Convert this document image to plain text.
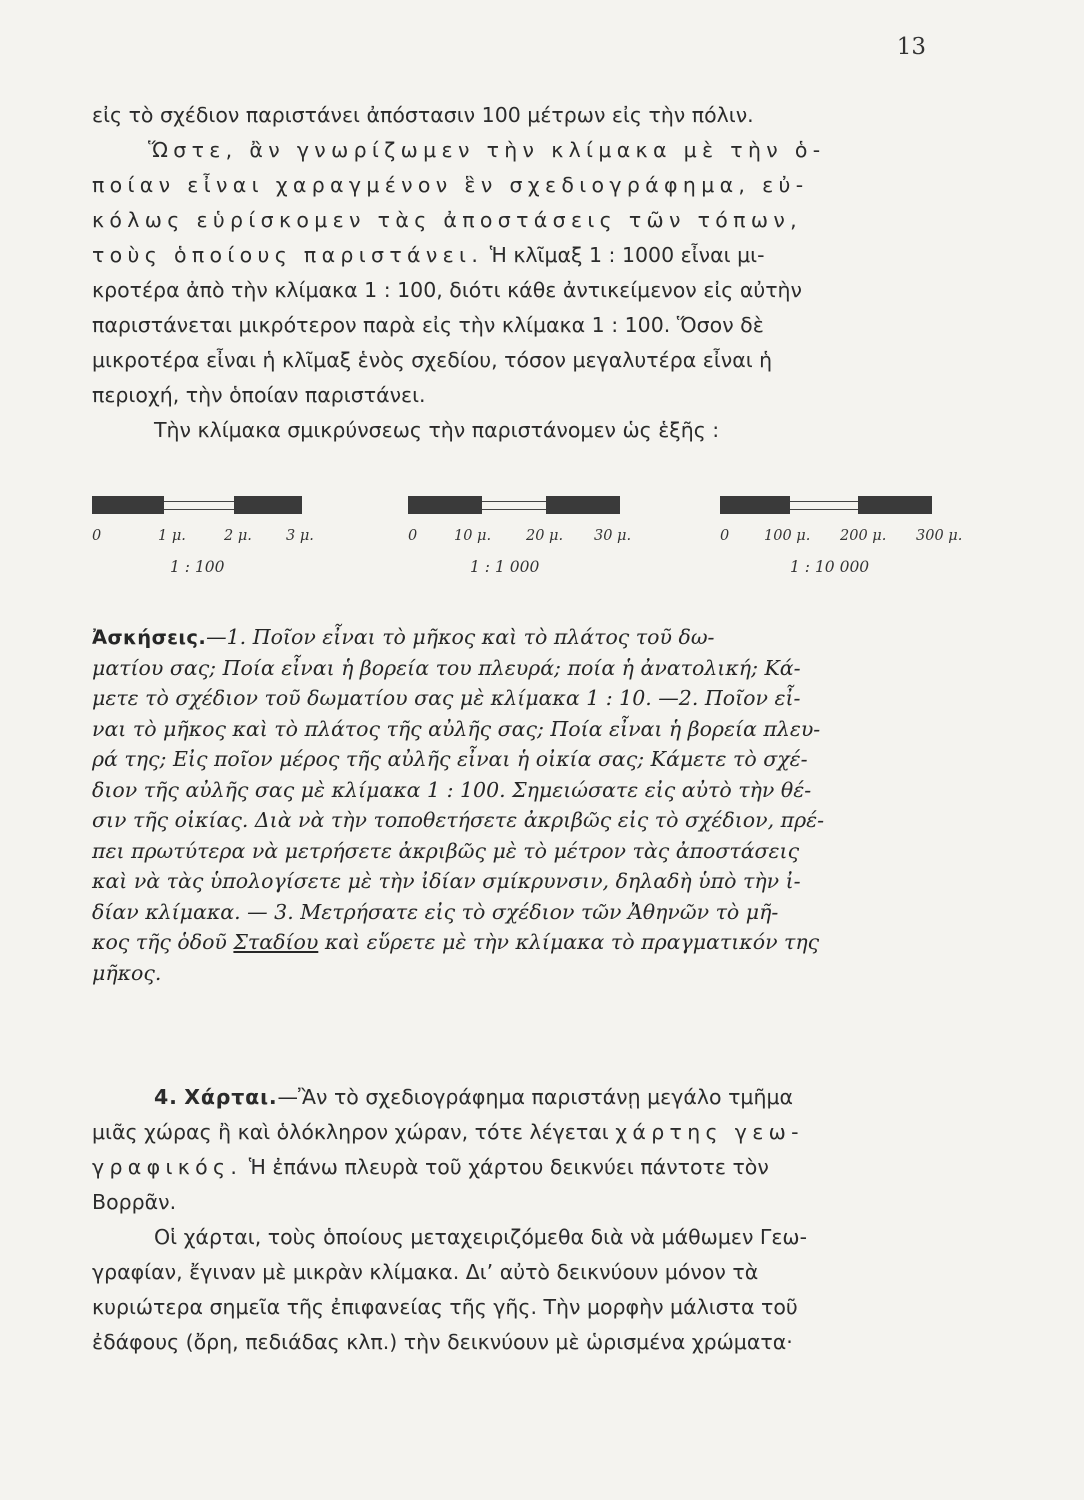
13
εἰς τὸ σχέδιον παριστάνει ἀπόστασιν 100 μέτρων εἰς τὴν πόλιν.
Ὥστε, ἂν γνωρίζωμεν τὴν κλίμακα μὲ τὴν ὁ-
ποίαν εἶναι χαραγμένον ἓν σχεδιογράφημα, εὐ-
κόλως εὑρίσκομεν τὰς ἀποστάσεις τῶν τόπων,
τοὺς ὁποίους παριστάνει. Ἡ κλῖμαξ 1 : 1000 εἶναι μι-
κροτέρα ἀπὸ τὴν κλίμακα 1 : 100, διότι κάθε ἀντικείμενον εἰς αὐτὴν
παριστάνεται μικρότερον παρὰ εἰς τὴν κλίμακα 1 : 100. Ὅσον δὲ
μικροτέρα εἶναι ἡ κλῖμαξ ἑνὸς σχεδίου, τόσον μεγαλυτέρα εἶναι ἡ
περιοχή, τὴν ὁποίαν παριστάνει.
Τὴν κλίμακα σμικρύνσεως τὴν παριστάνομεν ὡς ἑξῆς :
0	1 μ.	2 μ. 3 μ.
1 : 100
0	10 μ. 20 μ. 30 μ.
1 : 1 000
0 100 μ. 200 μ. 300 μ.
1 : 10 000
Ἀσκήσεις.—1. Ποῖον εἶναι τὸ μῆκος καὶ τὸ πλάτος τοῦ δω-
ματίου σας; Ποία εἶναι ἡ βορεία του πλευρά; ποία ἡ ἀνατολική; Κά-
μετε τὸ σχέδιον τοῦ δωματίου σας μὲ κλίμακα 1 : 10. —2. Ποῖον εἶ-
ναι τὸ μῆκος καὶ τὸ πλάτος τῆς αὐλῆς σας; Ποία εἶναι ἡ βορεία πλευ-
ρά της; Εἰς ποῖον μέρος τῆς αὐλῆς εἶναι ἡ οἰκία σας; Κάμετε τὸ σχέ-
διον τῆς αὐλῆς σας μὲ κλίμακα 1 : 100. Σημειώσατε εἰς αὐτὸ τὴν θέ-
σιν τῆς οἰκίας. Διὰ νὰ τὴν τοποθετήσετε ἀκριβῶς εἰς τὸ σχέδιον, πρέ-
πει πρωτύτερα νὰ μετρήσετε ἀκριβῶς μὲ τὸ μέτρον τὰς ἀποστάσεις
καὶ νὰ τὰς ὑπολογίσετε μὲ τὴν ἰδίαν σμίκρυνσιν, δηλαδὴ ὑπὸ τὴν ἰ-
δίαν κλίμακα. — 3. Μετρήσατε εἰς τὸ σχέδιον τῶν Ἀθηνῶν τὸ μῆ-
κος τῆς ὁδοῦ Σταδίου καὶ εὕρετε μὲ τὴν κλίμακα τὸ πραγματικόν της
μῆκος.
4. Χάρται.—Ἂν τὸ σχεδιογράφημα παριστάνῃ μεγάλο τμῆμα
μιᾶς χώρας ἢ καὶ ὁλόκληρον χώραν, τότε λέγεται χάρτης γεω-
γραφικός. Ἡ ἐπάνω πλευρὰ τοῦ χάρτου δεικνύει πάντοτε τὸν
Βορρᾶν.
Οἱ χάρται, τοὺς ὁποίους μεταχειριζόμεθα διὰ νὰ μάθωμεν Γεω-
γραφίαν, ἔγιναν μὲ μικρὰν κλίμακα. Δι’ αὐτὸ δεικνύουν μόνον τὰ
κυριώτερα σημεῖα τῆς ἐπιφανείας τῆς γῆς. Τὴν μορφὴν μάλιστα τοῦ
ἐδάφους (ὄρη, πεδιάδας κλπ.) τὴν δεικνύουν μὲ ὡρισμένα χρώματα·
